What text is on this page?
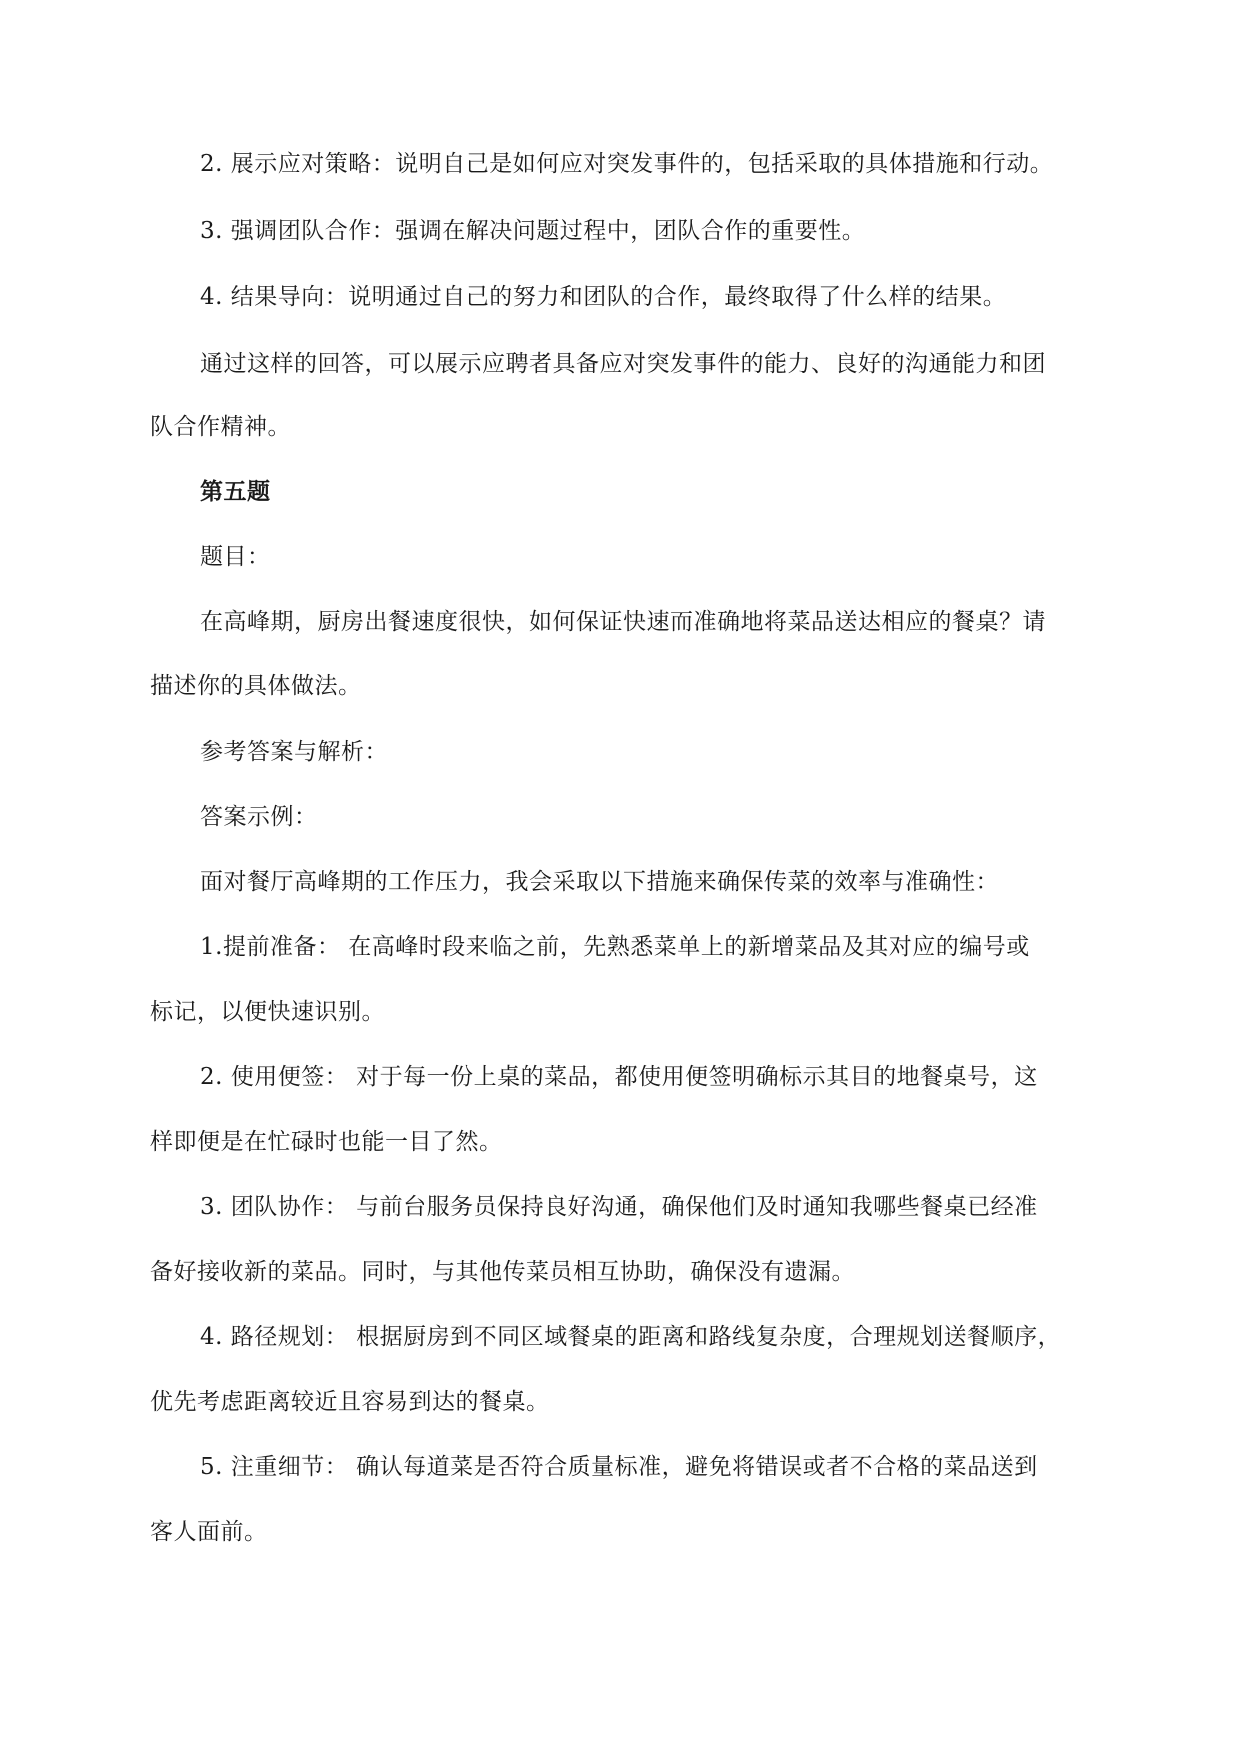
2. 展示应对策略：说明自己是如何应对突发事件的，包括采取的具体措施和行动。
3. 强调团队合作：强调在解决问题过程中，团队合作的重要性。
4. 结果导向：说明通过自己的努力和团队的合作，最终取得了什么样的结果。
通过这样的回答，可以展示应聘者具备应对突发事件的能力、良好的沟通能力和团
队合作精神。
第五题
题目：
在高峰期，厨房出餐速度很快，如何保证快速而准确地将菜品送达相应的餐桌？请
描述你的具体做法。
参考答案与解析：
答案示例：
面对餐厅高峰期的工作压力，我会采取以下措施来确保传菜的效率与准确性：
1.提前准备： 在高峰时段来临之前，先熟悉菜单上的新增菜品及其对应的编号或
标记，以便快速识别。
2. 使用便签： 对于每一份上桌的菜品，都使用便签明确标示其目的地餐桌号，这
样即便是在忙碌时也能一目了然。
3. 团队协作： 与前台服务员保持良好沟通，确保他们及时通知我哪些餐桌已经准
备好接收新的菜品。同时，与其他传菜员相互协助，确保没有遗漏。
4. 路径规划： 根据厨房到不同区域餐桌的距离和路线复杂度，合理规划送餐顺序，
优先考虑距离较近且容易到达的餐桌。
5. 注重细节： 确认每道菜是否符合质量标准，避免将错误或者不合格的菜品送到
客人面前。
